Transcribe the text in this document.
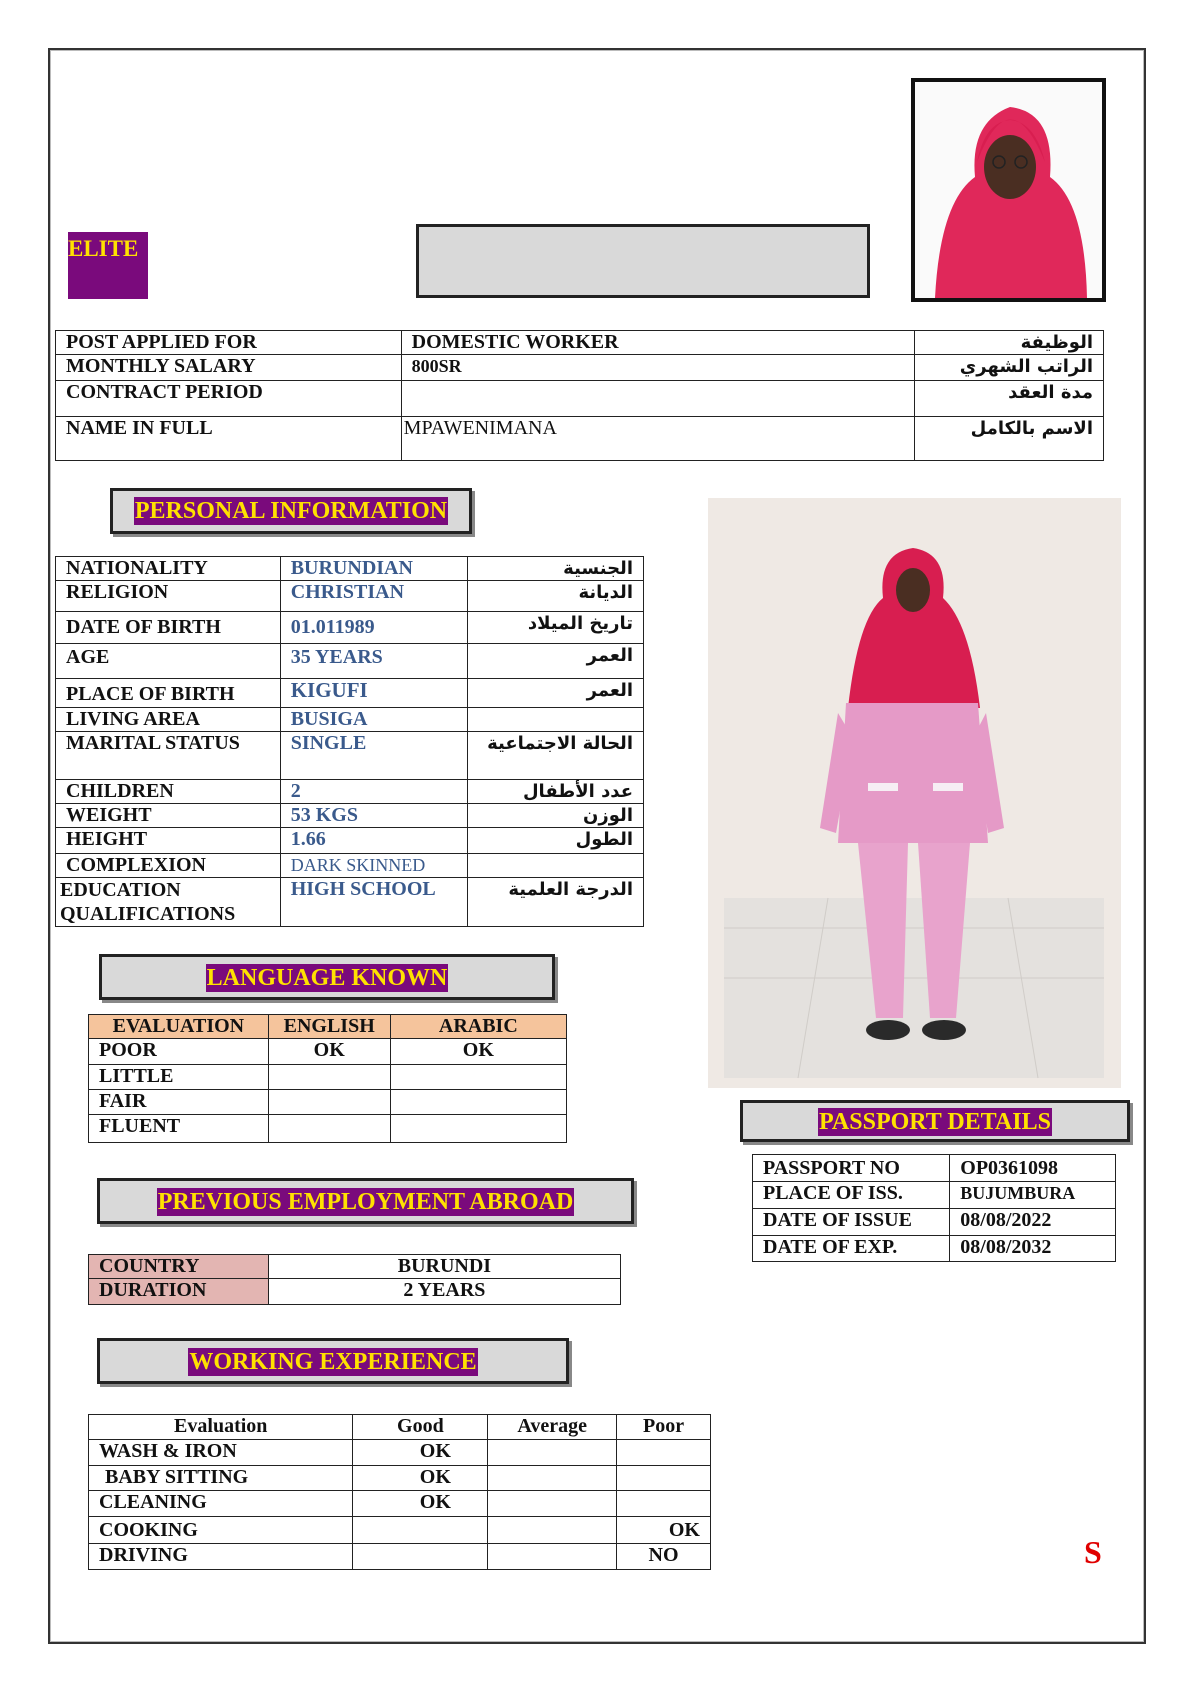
ELITE
POST APPLIED FOR	DOMESTIC WORKER	الوظيفة
MONTHLY SALARY	800SR	الراتب الشهري
CONTRACT PERIOD		مدة العقد
NAME IN FULL	MPAWENIMANA	الاسم بالكامل
PERSONAL INFORMATION
NATIONALITY	BURUNDIAN	الجنسية
RELIGION	CHRISTIAN	الديانة
DATE OF BIRTH	01.011989	تاريخ الميلاد
AGE	35 YEARS	العمر
PLACE OF BIRTH	KIGUFI	العمر
LIVING AREA	BUSIGA	
MARITAL STATUS	SINGLE	الحالة الاجتماعية
CHILDREN	2	عدد الأطفال
WEIGHT	53 KGS	الوزن
HEIGHT	1.66	الطول
COMPLEXION	DARK SKINNED	
EDUCATION QUALIFICATIONS	HIGH SCHOOL	الدرجة العلمية
LANGUAGE KNOWN
EVALUATION	ENGLISH	ARABIC
POOR	OK	OK
LITTLE		
FAIR		
FLUENT		
PREVIOUS EMPLOYMENT ABROAD
COUNTRY	BURUNDI
DURATION	2 YEARS
WORKING EXPERIENCE
Evaluation	Good	Average	Poor
WASH & IRON	OK		
BABY SITTING	OK		
CLEANING	OK		
COOKING			OK
DRIVING			NO
PASSPORT DETAILS
PASSPORT NO	OP0361098
PLACE OF ISS.	BUJUMBURA
DATE OF ISSUE	08/08/2022
DATE OF EXP.	08/08/2032
S
